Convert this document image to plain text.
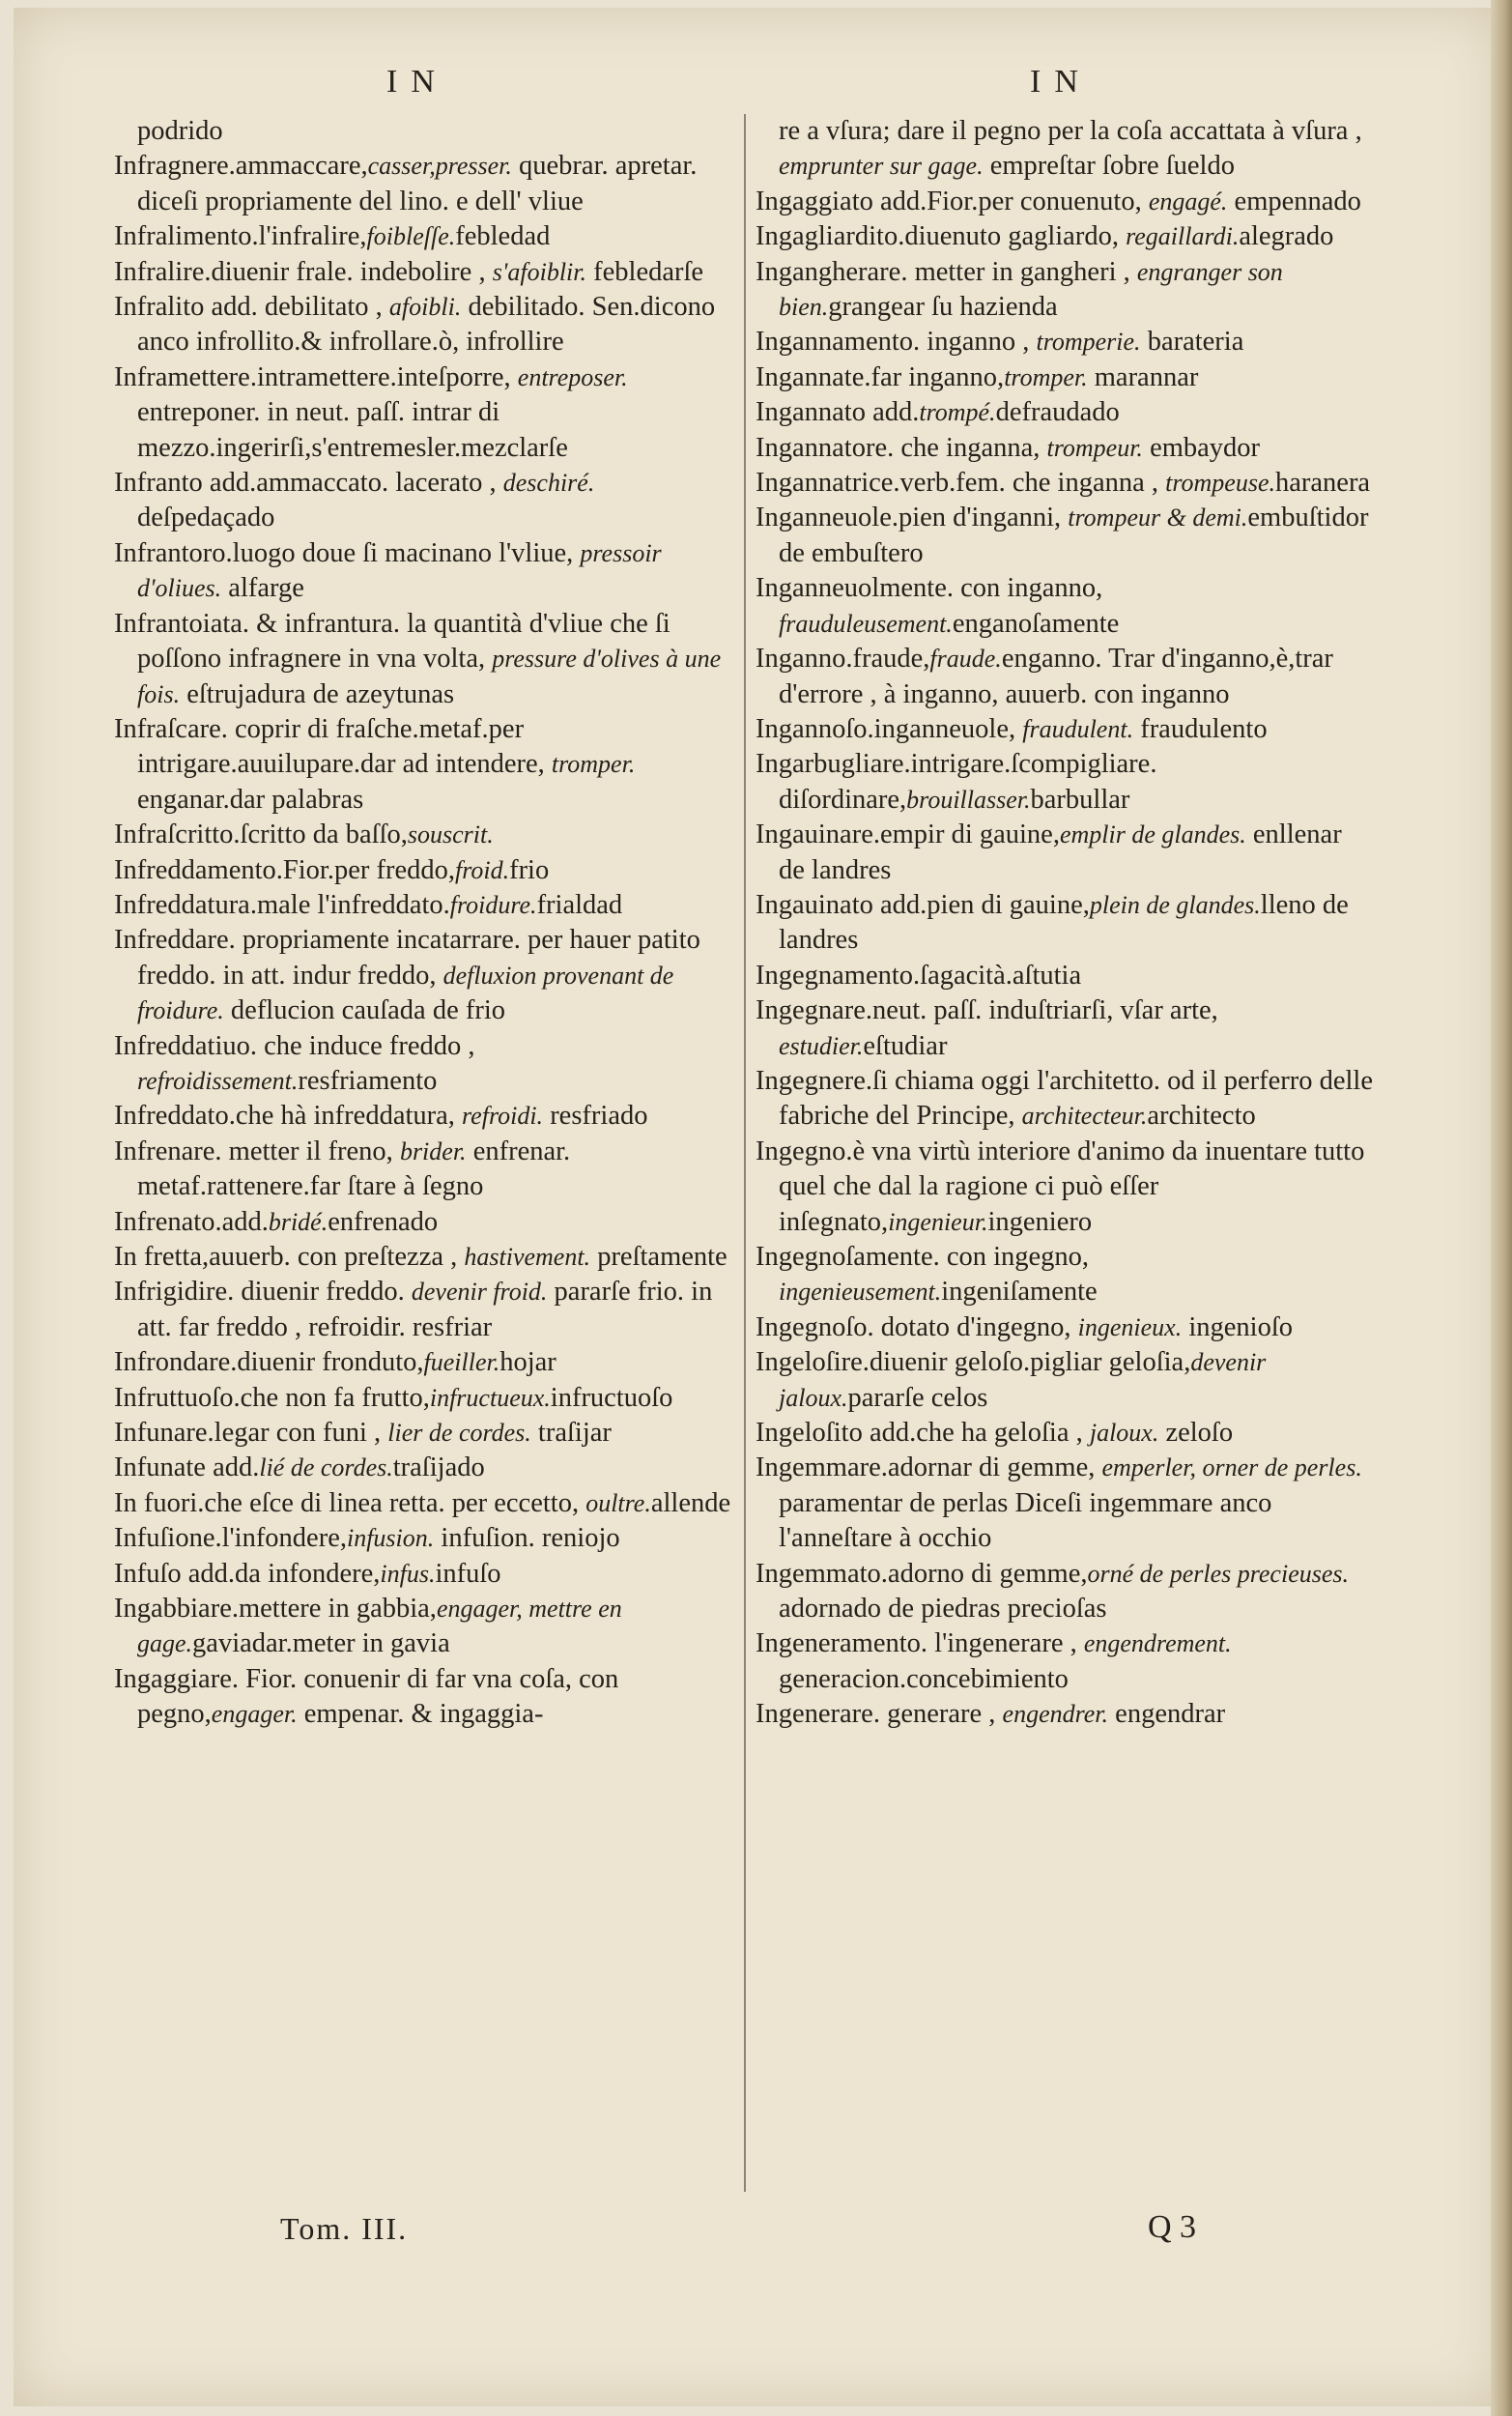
IN	IN

podrido

Infragnere.ammaccare,casser,presser. quebrar. apretar. diceſi propriamente del lino. e dell' vliue

Infralimento.l'infralire,foibleſſe.febledad

Infralire.diuenir frale. indebolire , s'afoiblir. febledarſe

Infralito add. debilitato , afoibli. debilitado. Sen.dicono anco infrollito.& infrollare.ò, infrollire

Inframettere.intramettere.inteſporre, entreposer. entreponer. in neut. paſſ. intrar di mezzo.ingerirſi,s'entremesler.mezclarſe

Infranto add.ammaccato. lacerato , deschiré. deſpedaçado

Infrantoro.luogo doue ſi macinano l'vliue, pressoir d'oliues. alfarge

Infrantoiata. & infrantura. la quantità d'vliue che ſi poſſono infragnere in vna volta, pressure d'olives à une fois. eſtrujadura de azeytunas

Infraſcare. coprir di fraſche.metaf.per intrigare.auuilupare.dar ad intendere, tromper. enganar.dar palabras

Infraſcritto.ſcritto da baſſo,souscrit.

Infreddamento.Fior.per freddo,froid.frio

Infreddatura.male l'infreddato.froidure.frialdad

Infreddare. propriamente incatarrare. per hauer patito freddo. in att. indur freddo, defluxion provenant de froidure. deflucion cauſada de frio

Infreddatiuo. che induce freddo , refroidissement.resfriamento

Infreddato.che hà infreddatura, refroidi. resfriado

Infrenare. metter il freno, brider. enfrenar. metaf.rattenere.far ſtare à ſegno

Infrenato.add.bridé.enfrenado

In fretta,auuerb. con preſtezza , hastivement. preſtamente

Infrigidire. diuenir freddo. devenir froid. pararſe frio. in att. far freddo , refroidir. resfriar

Infrondare.diuenir fronduto,fueiller.hojar

Infruttuoſo.che non fa frutto,infructueux.infructuoſo

Infunare.legar con funi , lier de cordes. traſijar

Infunate add.lié de cordes.traſijado

In fuori.che eſce di linea retta. per eccetto, oultre.allende

Infuſione.l'infondere,infusion. infuſion. reniojo

Infuſo add.da infondere,infus.infuſo

Ingabbiare.mettere in gabbia,engager, mettre en gage.gaviadar.meter in gavia

Ingaggiare. Fior. conuenir di far vna coſa, con pegno,engager. empenar. & ingaggia-

re a vſura; dare il pegno per la coſa accattata à vſura , emprunter sur gage. empreſtar ſobre ſueldo

Ingaggiato add.Fior.per conuenuto, engagé. empennado

Ingagliardito.diuenuto gagliardo, regaillardi.alegrado

Ingangherare. metter in gangheri , engranger son bien.grangear ſu hazienda

Ingannamento. inganno , tromperie. barateria

Ingannate.far inganno,tromper. marannar

Ingannato add.trompé.defraudado

Ingannatore. che inganna, trompeur. embaydor

Ingannatrice.verb.fem. che inganna , trompeuse.haranera

Inganneuole.pien d'inganni, trompeur & demi.embuſtidor de embuſtero

Inganneuolmente. con inganno, frauduleusement.enganoſamente

Inganno.fraude,fraude.enganno. Trar d'inganno,è,trar d'errore , à inganno, auuerb. con inganno

Ingannoſo.inganneuole, fraudulent. fraudulento

Ingarbugliare.intrigare.ſcompigliare. diſordinare,brouillasser.barbullar

Ingauinare.empir di gauine,emplir de glandes. enllenar de landres

Ingauinato add.pien di gauine,plein de glandes.lleno de landres

Ingegnamento.ſagacità.aſtutia

Ingegnare.neut. paſſ. induſtriarſi, vſar arte, estudier.eſtudiar

Ingegnere.ſi chiama oggi l'architetto. od il perferro delle fabriche del Principe, architecteur.architecto

Ingegno.è vna virtù interiore d'animo da inuentare tutto quel che dal la ragione ci può eſſer inſegnato,ingenieur.ingeniero

Ingegnoſamente. con ingegno, ingenieusement.ingeniſamente

Ingegnoſo. dotato d'ingegno, ingenieux. ingenioſo

Ingeloſire.diuenir geloſo.pigliar geloſia,devenir jaloux.pararſe celos

Ingeloſito add.che ha geloſia , jaloux. zeloſo

Ingemmare.adornar di gemme, emperler, orner de perles. paramentar de perlas Diceſi ingemmare anco l'anneſtare à occhio

Ingemmato.adorno di gemme,orné de perles precieuses. adornado de piedras precioſas

Ingeneramento. l'ingenerare , engendrement. generacion.concebimiento

Ingenerare. generare , engendrer. engendrar

Tom. III.	Q 3
